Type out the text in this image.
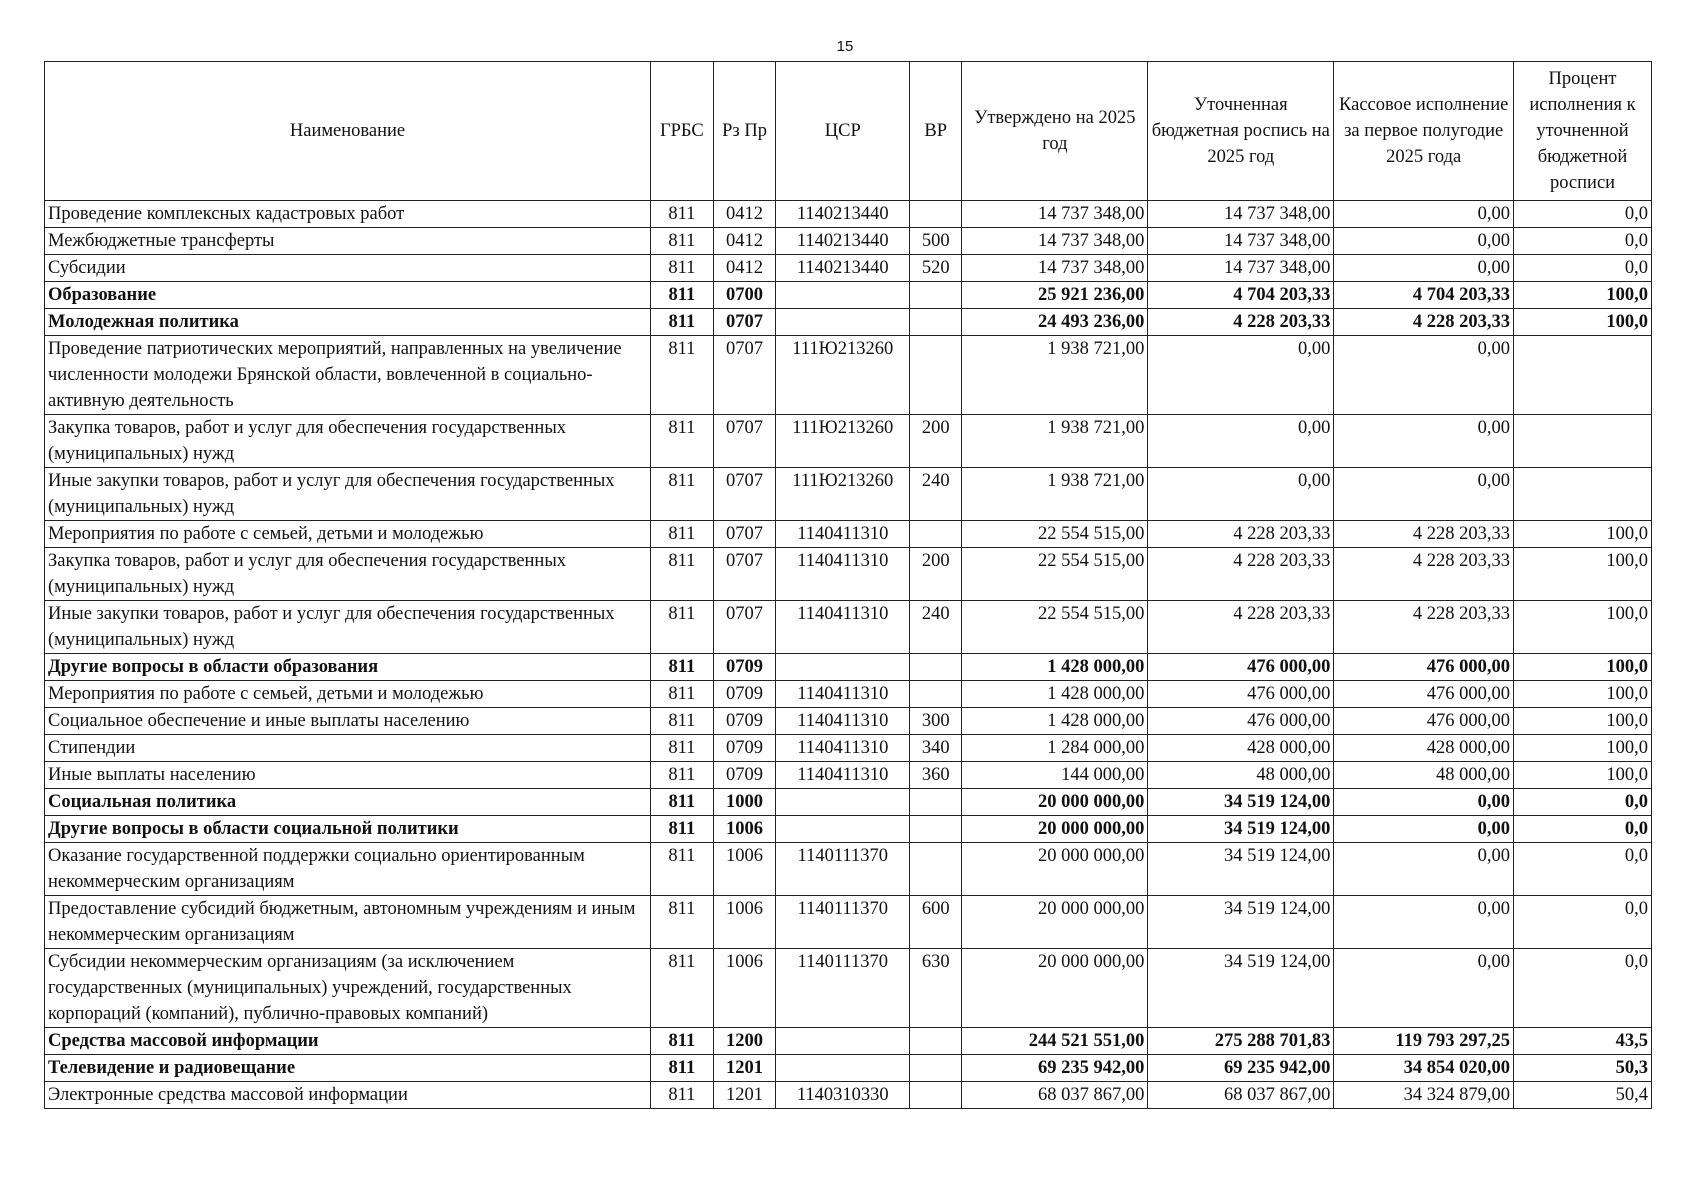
15
Наименование	ГРБС	Рз Пр	ЦСР	ВР	Утверждено на 2025 год	Уточненная бюджетная роспись на 2025 год	Кассовое исполнение за первое полугодие 2025 года	Процент исполнения к уточненной бюджетной росписи
Проведение комплексных кадастровых работ	811	0412	1140213440		14 737 348,00	14 737 348,00	0,00	0,0
Межбюджетные трансферты	811	0412	1140213440	500	14 737 348,00	14 737 348,00	0,00	0,0
Субсидии	811	0412	1140213440	520	14 737 348,00	14 737 348,00	0,00	0,0
Образование	811	0700			25 921 236,00	4 704 203,33	4 704 203,33	100,0
Молодежная политика	811	0707			24 493 236,00	4 228 203,33	4 228 203,33	100,0
Проведение патриотических мероприятий, направленных на увеличение численности молодежи Брянской области, вовлеченной в социально-активную деятельность	811	0707	111Ю213260		1 938 721,00	0,00	0,00	
Закупка товаров, работ и услуг для обеспечения государственных (муниципальных) нужд	811	0707	111Ю213260	200	1 938 721,00	0,00	0,00	
Иные закупки товаров, работ и услуг для обеспечения государственных (муниципальных) нужд	811	0707	111Ю213260	240	1 938 721,00	0,00	0,00	
Мероприятия по работе с семьей, детьми и молодежью	811	0707	1140411310		22 554 515,00	4 228 203,33	4 228 203,33	100,0
Закупка товаров, работ и услуг для обеспечения государственных (муниципальных) нужд	811	0707	1140411310	200	22 554 515,00	4 228 203,33	4 228 203,33	100,0
Иные закупки товаров, работ и услуг для обеспечения государственных (муниципальных) нужд	811	0707	1140411310	240	22 554 515,00	4 228 203,33	4 228 203,33	100,0
Другие вопросы в области образования	811	0709			1 428 000,00	476 000,00	476 000,00	100,0
Мероприятия по работе с семьей, детьми и молодежью	811	0709	1140411310		1 428 000,00	476 000,00	476 000,00	100,0
Социальное обеспечение и иные выплаты населению	811	0709	1140411310	300	1 428 000,00	476 000,00	476 000,00	100,0
Стипендии	811	0709	1140411310	340	1 284 000,00	428 000,00	428 000,00	100,0
Иные выплаты населению	811	0709	1140411310	360	144 000,00	48 000,00	48 000,00	100,0
Социальная политика	811	1000			20 000 000,00	34 519 124,00	0,00	0,0
Другие вопросы в области социальной политики	811	1006			20 000 000,00	34 519 124,00	0,00	0,0
Оказание государственной поддержки социально ориентированным некоммерческим организациям	811	1006	1140111370		20 000 000,00	34 519 124,00	0,00	0,0
Предоставление субсидий бюджетным, автономным учреждениям и иным некоммерческим организациям	811	1006	1140111370	600	20 000 000,00	34 519 124,00	0,00	0,0
Субсидии некоммерческим организациям (за исключением государственных (муниципальных) учреждений, государственных корпораций (компаний), публично-правовых компаний)	811	1006	1140111370	630	20 000 000,00	34 519 124,00	0,00	0,0
Средства массовой информации	811	1200			244 521 551,00	275 288 701,83	119 793 297,25	43,5
Телевидение и радиовещание	811	1201			69 235 942,00	69 235 942,00	34 854 020,00	50,3
Электронные средства массовой информации	811	1201	1140310330		68 037 867,00	68 037 867,00	34 324 879,00	50,4
